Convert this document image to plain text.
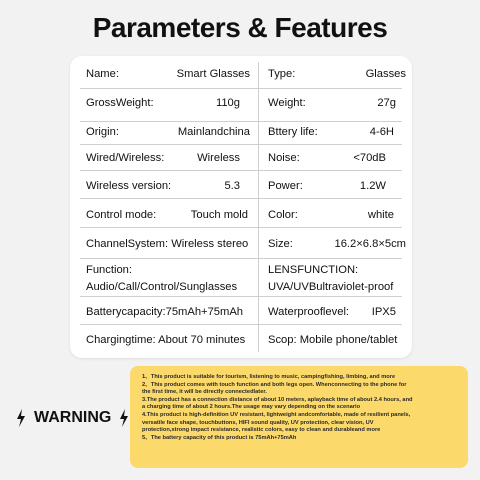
Parameters & Features
Name:	Smart Glasses Type:	Glasses
GrossWeight:	110g	Weight:	27g
Origin:	Mainlandchina Bttery life:	4-6H
Wired/Wireless:	Wireless	Noise:	<70dB
Wireless version:	5.3	Power:	1.2W
Control mode:	Touch mold Color:	white
ChannelSystem: Wireless stereo Size:	16.2×6.8×5cm
Function:
Audio/Call/Control/Sunglasses
LENSFUNCTION:
UVA/UVBultraviolet-proof
Batterycapacity:75mAh+75mAh	Waterprooflevel: IPX5
Chargingtime: About 70 minutes	Scop: Mobile phone/tablet
WARNING
1、This product is suitable for tourism, listening to music, campingfishing, limbing, and more
2、This product comes with touch function and both legs open. Whenconnecting to the phone for
the first time, it will be directly connectedlater.
3.The product has a connection distance of about 10 meters, aplayback time of about 2.4 hours, and
a charging time of about 2 hours.The usage may vary depending on the scenario
4.This product is high-definition UV resistant, lightweight andcomfortable, made of resilient panels,
versatile face shape, touchbuttons, HIFI sound quality, UV protection, clear vision, UV
protection,strong impact resistance, realistic colors, easy to clean and durableand more
5、The battery capacity of this product is 75mAh+75mAh
